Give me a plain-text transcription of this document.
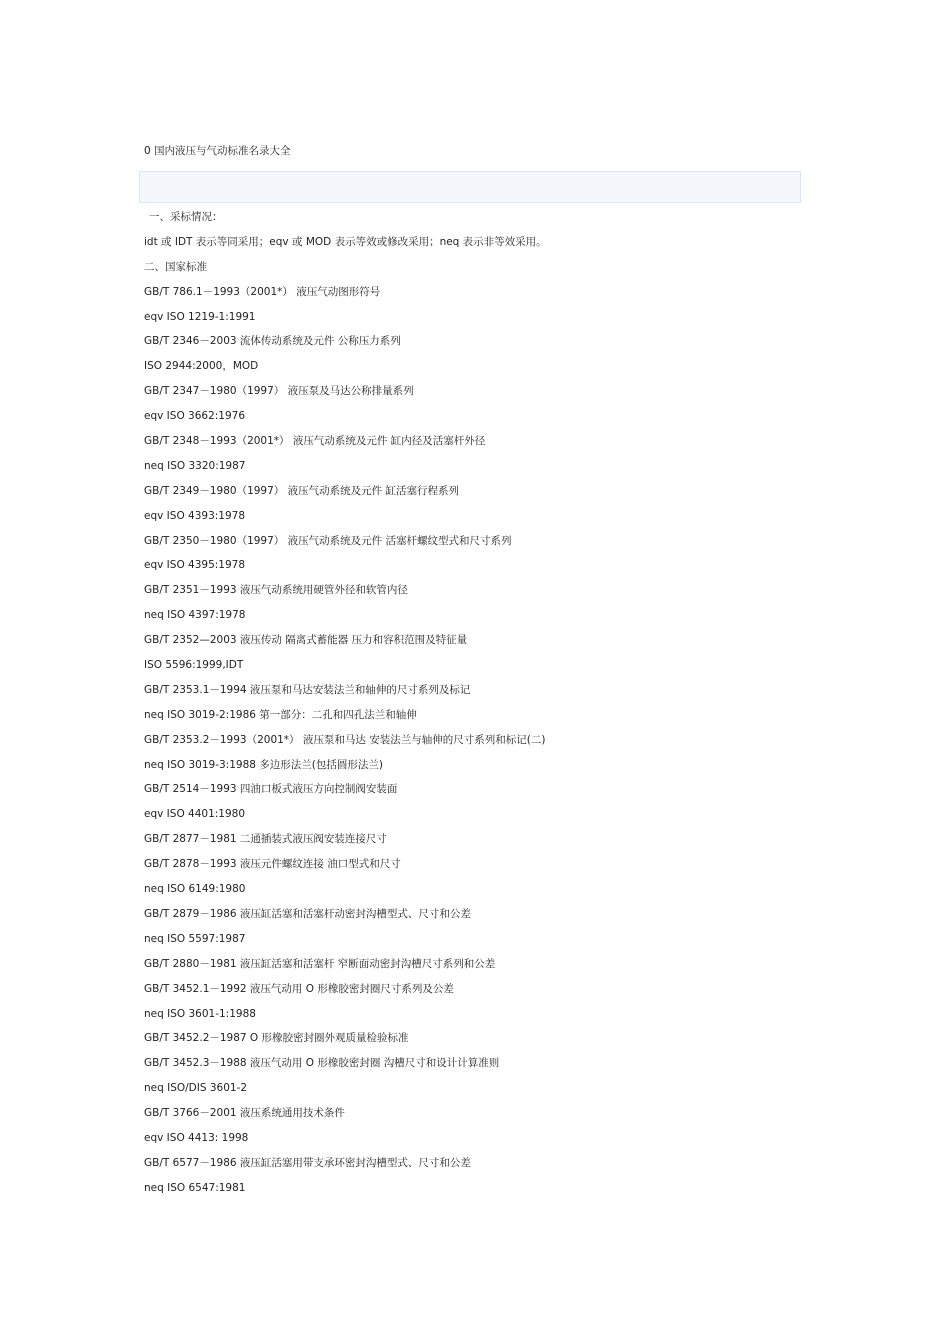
0 国内液压与气动标准名录大全
一、采标情况：
idt 或 IDT 表示等同采用；eqv 或 MOD 表示等效或修改采用；neq 表示非等效采用。
二、国家标准
GB/T 786.1－1993（2001*） 液压气动图形符号
eqv ISO 1219-1:1991
GB/T 2346－2003 流体传动系统及元件 公称压力系列
ISO 2944:2000，MOD
GB/T 2347－1980（1997） 液压泵及马达公称排量系列
eqv ISO 3662:1976
GB/T 2348－1993（2001*） 液压气动系统及元件 缸内径及活塞杆外径
neq ISO 3320:1987
GB/T 2349－1980（1997） 液压气动系统及元件 缸活塞行程系列
eqv ISO 4393:1978
GB/T 2350－1980（1997） 液压气动系统及元件 活塞杆螺纹型式和尺寸系列
eqv ISO 4395:1978
GB/T 2351－1993 液压气动系统用硬管外径和软管内径
neq ISO 4397:1978
GB/T 2352—2003 液压传动 隔离式蓄能器 压力和容积范围及特征量
ISO 5596:1999,IDT
GB/T 2353.1－1994 液压泵和马达安装法兰和轴伸的尺寸系列及标记
neq ISO 3019-2:1986 第一部分：二孔和四孔法兰和轴伸
GB/T 2353.2－1993（2001*） 液压泵和马达 安装法兰与轴伸的尺寸系列和标记(二)
neq ISO 3019-3:1988 多边形法兰(包括圆形法兰)
GB/T 2514－1993 四油口板式液压方向控制阀安装面
eqv ISO 4401:1980
GB/T 2877－1981 二通插装式液压阀安装连接尺寸
GB/T 2878－1993 液压元件螺纹连接 油口型式和尺寸
neq ISO 6149:1980
GB/T 2879－1986 液压缸活塞和活塞杆动密封沟槽型式、尺寸和公差
neq ISO 5597:1987
GB/T 2880－1981 液压缸活塞和活塞杆 窄断面动密封沟槽尺寸系列和公差
GB/T 3452.1－1992 液压气动用 O 形橡胶密封圈尺寸系列及公差
neq ISO 3601-1:1988
GB/T 3452.2－1987 O 形橡胶密封圈外观质量检验标准
GB/T 3452.3－1988 液压气动用 O 形橡胶密封圈 沟槽尺寸和设计计算准则
neq ISO/DIS 3601-2
GB/T 3766－2001 液压系统通用技术条件
eqv ISO 4413: 1998
GB/T 6577－1986 液压缸活塞用带支承环密封沟槽型式、尺寸和公差
neq ISO 6547:1981
